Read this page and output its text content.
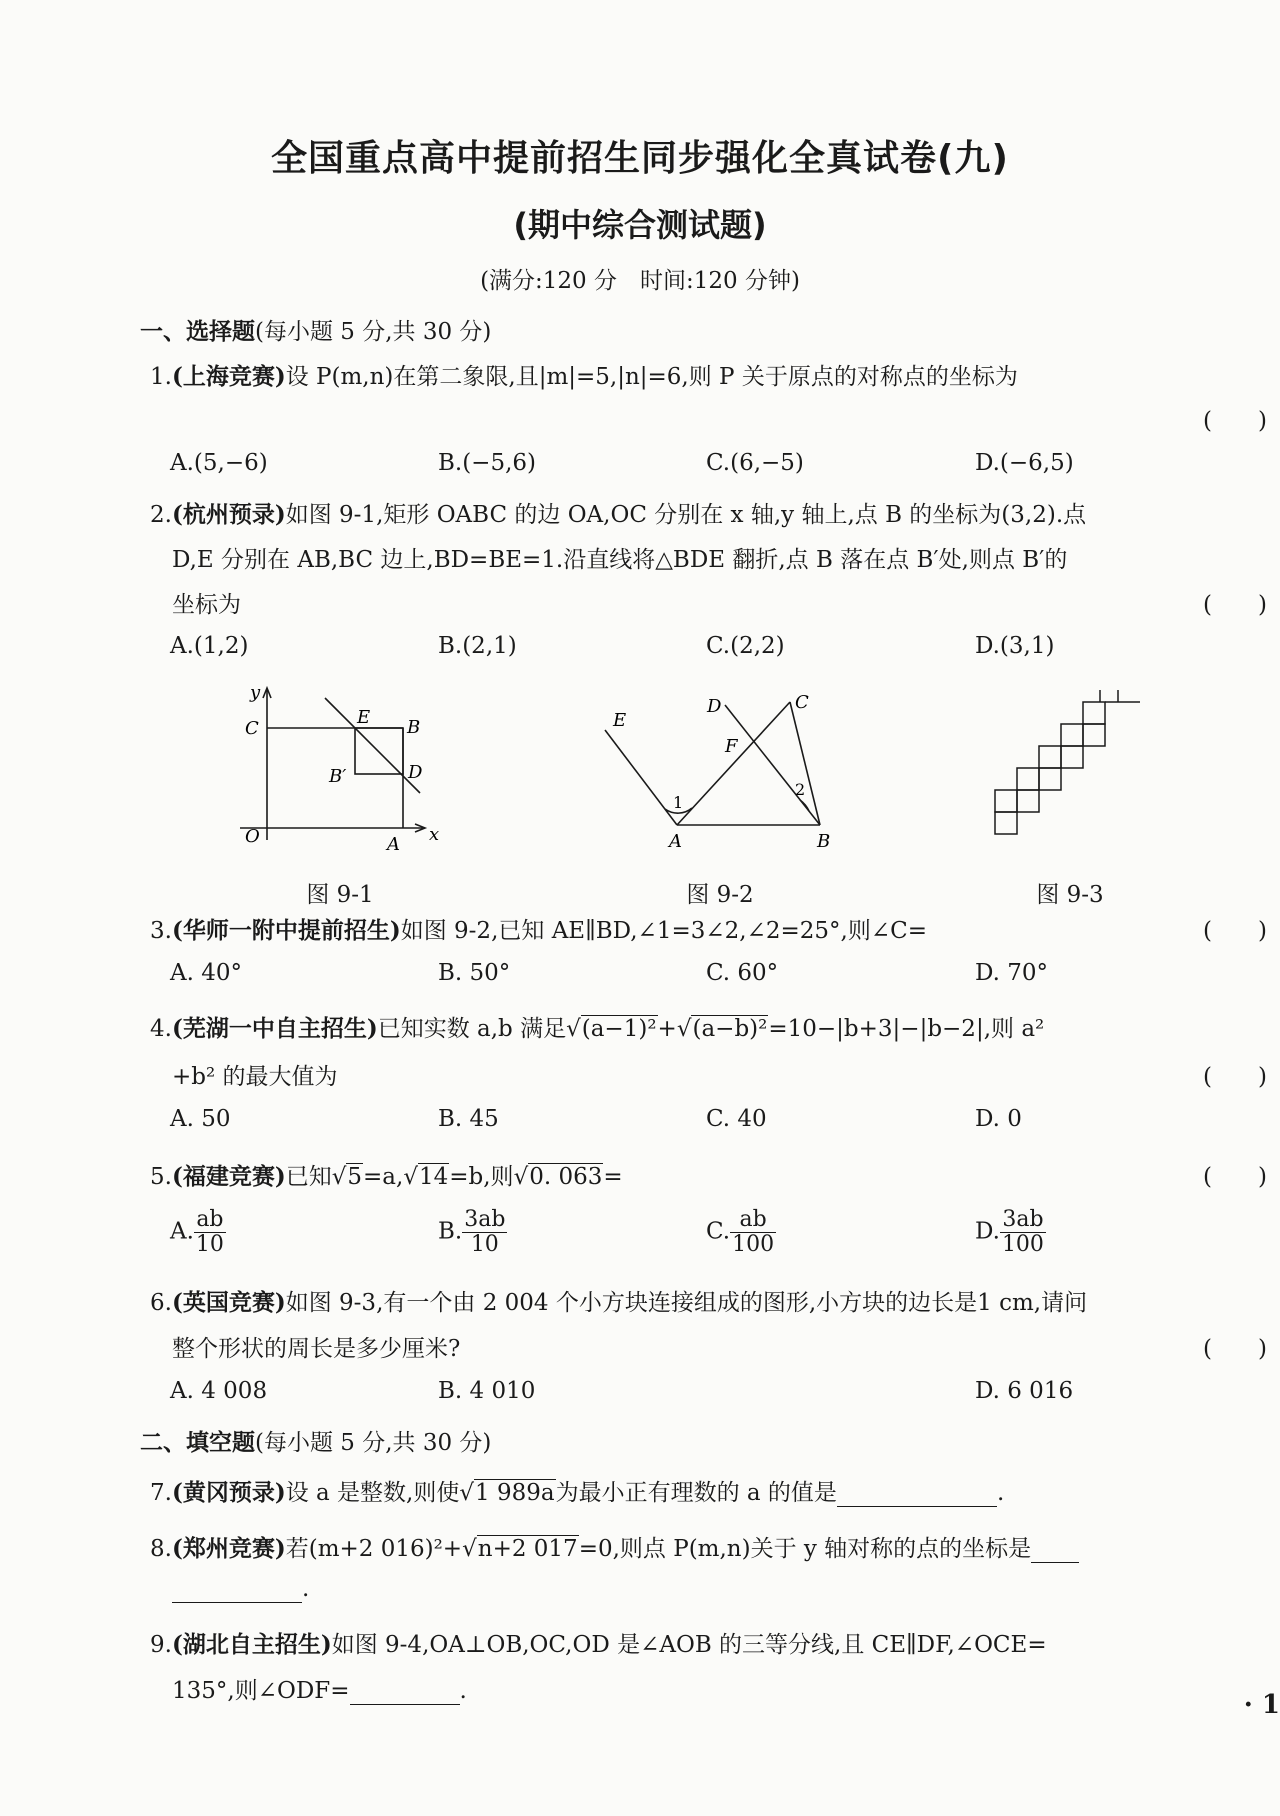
全国重点高中提前招生同步强化全真试卷(九)
(期中综合测试题)
(满分:120 分　时间:120 分钟)
一、选择题(每小题 5 分,共 30 分)
1.(上海竞赛)设 P(m,n)在第二象限,且|m|=5,|n|=6,则 P 关于原点的对称点的坐标为
(　　)
A.(5,−6)	B.(−5,6)	C.(6,−5)	D.(−6,5)
2.(杭州预录)如图 9-1,矩形 OABC 的边 OA,OC 分别在 x 轴,y 轴上,点 B 的坐标为(3,2).点
D,E 分别在 AB,BC 边上,BD=BE=1.沿直线将△BDE 翻折,点 B 落在点 B′处,则点 B′的
坐标为	(　　)
A.(1,2)	B.(2,1)	C.(2,2)	D.(3,1)
y
C
E B
B′	D
O	A x
图 9-1
E
D	C
F
1
2
A	B
图 9-2	图 9-3
3.(华师一附中提前招生)如图 9-2,已知 AE∥BD,∠1=3∠2,∠2=25°,则∠C=	(　　)
A. 40°	B. 50°	C. 60°	D. 70°
4.(芜湖一中自主招生)已知实数 a,b 满足√(a−1)²+√(a−b)²=10−|b+3|−|b−2|,则 a²
+b² 的最大值为	(　　)
A. 50	B. 45	C. 40	D. 0
5.(福建竞赛)已知√5=a,√14=b,则√0. 063=	(　　)
A. $\frac{ab}{10}$	B. $\frac{3ab}{10}$	C. $\frac{ab}{100}$	D. $\frac{3ab}{100}$
6.(英国竞赛)如图 9-3,有一个由 2 004 个小方块连接组成的图形,小方块的边长是1 cm,请问
整个形状的周长是多少厘米?	(　　)
A. 4 008	B. 4 010	D. 6 016
二、填空题(每小题 5 分,共 30 分)
7.(黄冈预录)设 a 是整数,则使√1 989a为最小正有理数的 a 的值是	.
8.(郑州竞赛)若(m+2 016)²+√n+2 017=0,则点 P(m,n)关于 y 轴对称的点的坐标是
.
9.(湖北自主招生)如图 9-4,OA⊥OB,OC,OD 是∠AOB 的三等分线,且 CE∥DF,∠OCE=
135°,则∠ODF=	.	· 1
